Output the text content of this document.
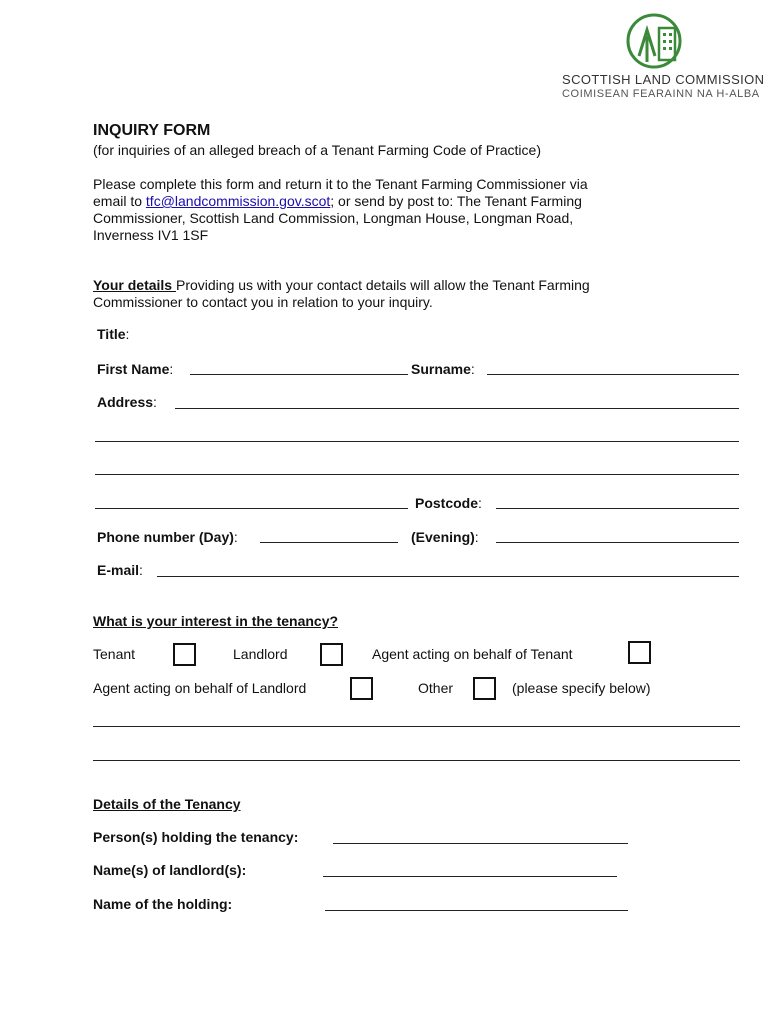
SCOTTISH LAND COMMISSION
COIMISEAN FEARAINN NA H-ALBA
INQUIRY FORM
(for inquiries of an alleged breach of a Tenant Farming Code of Practice)
Please complete this form and return it to the Tenant Farming Commissioner via
email to tfc@landcommission.gov.scot; or send by post to: The Tenant Farming
Commissioner, Scottish Land Commission, Longman House, Longman Road,
Inverness IV1 1SF
Your details Providing us with your contact details will allow the Tenant Farming
Commissioner to contact you in relation to your inquiry.
Title:
First Name:	Surname:
Address:
Postcode:
Phone number (Day):	(Evening):
E-mail:
What is your interest in the tenancy?
Tenant	Landlord	Agent acting on behalf of Tenant
Agent acting on behalf of Landlord	Other	(please specify below)
Details of the Tenancy
Person(s) holding the tenancy:
Name(s) of landlord(s):
Name of the holding:
